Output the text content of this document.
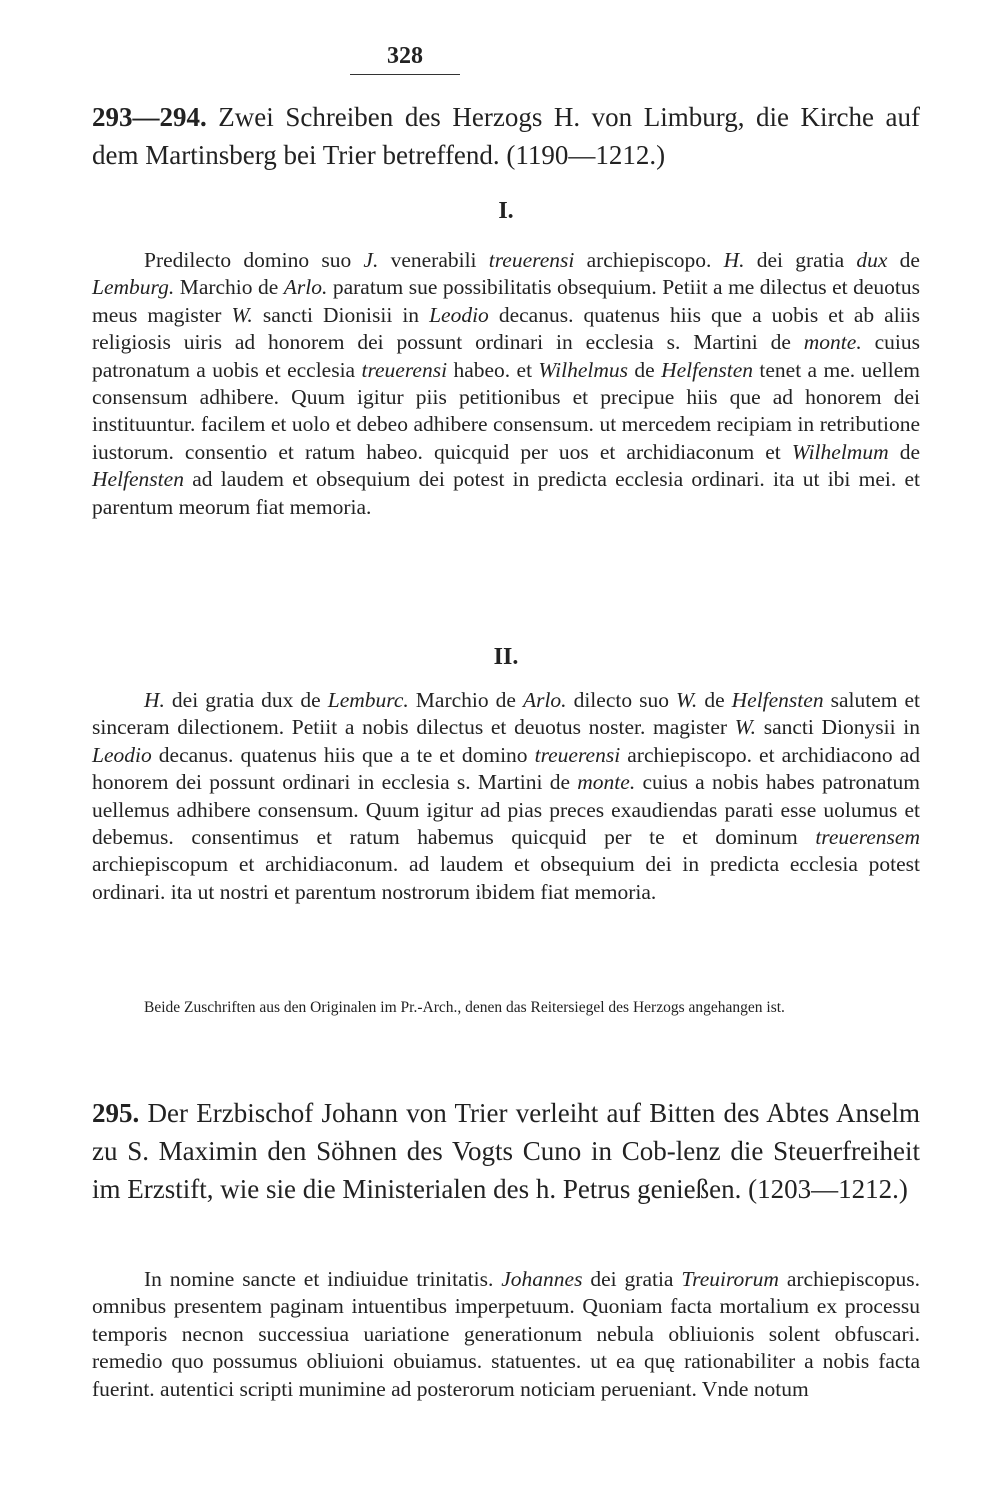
328
293—294. Zwei Schreiben des Herzogs H. von Limburg, die Kirche auf dem Martinsberg bei Trier betreffend. (1190—1212.)
I.
Predilecto domino suo J. venerabili treuerensi archiepiscopo. H. dei gratia dux de Lemburg. Marchio de Arlo. paratum sue possibilitatis obsequium. Petiit a me dilectus et deuotus meus magister W. sancti Dionisii in Leodio decanus. quatenus hiis que a uobis et ab aliis religiosis uiris ad honorem dei possunt ordinari in ecclesia s. Martini de monte. cuius patronatum a uobis et ecclesia treuerensi habeo. et Wilhelmus de Helfensten tenet a me. uellem consensum adhibere. Quum igitur piis petitionibus et precipue hiis que ad honorem dei instituuntur. facilem et uolo et debeo adhibere consensum. ut mercedem recipiam in retributione iustorum. consentio et ratum habeo. quicquid per uos et archidiaconum et Wilhelmum de Helfensten ad laudem et obsequium dei potest in predicta ecclesia ordinari. ita ut ibi mei. et parentum meorum fiat memoria.
II.
H. dei gratia dux de Lemburc. Marchio de Arlo. dilecto suo W. de Helfensten salutem et sinceram dilectionem. Petiit a nobis dilectus et deuotus noster. magister W. sancti Dionysii in Leodio decanus. quatenus hiis que a te et domino treuerensi archiepiscopo. et archidiacono ad honorem dei possunt ordinari in ecclesia s. Martini de monte. cuius a nobis habes patronatum uellemus adhibere consensum. Quum igitur ad pias preces exaudiendas parati esse uolumus et debemus. consentimus et ratum habemus quicquid per te et dominum treuerensem archiepiscopum et archidiaconum. ad laudem et obsequium dei in predicta ecclesia potest ordinari. ita ut nostri et parentum nostrorum ibidem fiat memoria.
Beide Zuschriften aus den Originalen im Pr.-Arch., denen das Reitersiegel des Herzogs angehangen ist.
295. Der Erzbischof Johann von Trier verleiht auf Bitten des Abtes Anselm zu S. Maximin den Söhnen des Vogts Cuno in Cob-lenz die Steuerfreiheit im Erzstift, wie sie die Ministerialen des h. Petrus genießen. (1203—1212.)
In nomine sancte et indiuidue trinitatis. Johannes dei gratia Treuirorum archiepiscopus. omnibus presentem paginam intuentibus imperpetuum. Quoniam facta mortalium ex processu temporis necnon successiua uariatione generationum nebula obliuionis solent obfuscari. remedio quo possumus obliuioni obuiamus. statuentes. ut ea quę rationabiliter a nobis facta fuerint. autentici scripti munimine ad posterorum noticiam perueniant. Vnde notum
